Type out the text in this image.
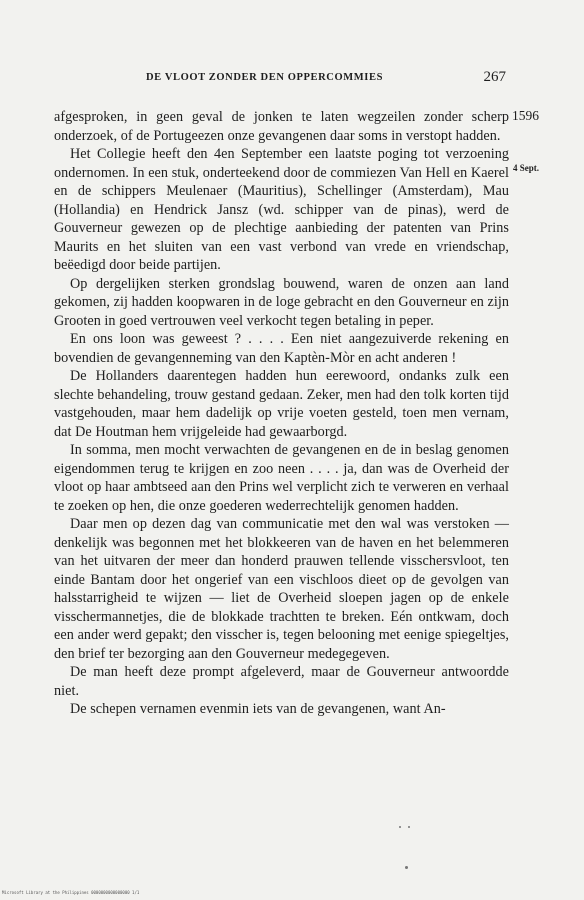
DE VLOOT ZONDER DEN OPPERCOMMIES	267
1596
4 Sept.

afgesproken, in geen geval de jonken te laten wegzeilen zonder scherp onderzoek, of de Portugeezen onze gevangenen daar soms in verstopt hadden.

Het Collegie heeft den 4en September een laatste poging tot verzoening ondernomen. In een stuk, onderteekend door de commiezen Van Hell en Kaerel en de schippers Meulenaer (Mauritius), Schellinger (Amsterdam), Mau (Hollandia) en Hendrick Jansz (wd. schipper van de pinas), werd de Gouverneur gewezen op de plechtige aanbieding der patenten van Prins Maurits en het sluiten van een vast verbond van vrede en vriendschap, beëedigd door beide partijen.

Op dergelijken sterken grondslag bouwend, waren de onzen aan land gekomen, zij hadden koopwaren in de loge gebracht en den Gouverneur en zijn Grooten in goed vertrouwen veel verkocht tegen betaling in peper.

En ons loon was geweest ? . . . . Een niet aangezuiverde rekening en bovendien de gevangenneming van den Kaptèn-Mòr en acht anderen !

De Hollanders daarentegen hadden hun eerewoord, ondanks zulk een slechte behandeling, trouw gestand gedaan. Zeker, men had den tolk korten tijd vastgehouden, maar hem dadelijk op vrije voeten gesteld, toen men vernam, dat De Houtman hem vrijgeleide had gewaarborgd.

In somma, men mocht verwachten de gevangenen en de in beslag genomen eigendommen terug te krijgen en zoo neen . . . . ja, dan was de Overheid der vloot op haar ambtseed aan den Prins wel verplicht zich te verweren en verhaal te zoeken op hen, die onze goederen wederrechtelijk genomen hadden.

Daar men op dezen dag van communicatie met den wal was verstoken — denkelijk was begonnen met het blokkeeren van de haven en het belemmeren van het uitvaren der meer dan honderd prauwen tellende visschersvloot, ten einde Bantam door het ongerief van een vischloos dieet op de gevolgen van halsstarrigheid te wijzen — liet de Overheid sloepen jagen op de enkele visschermannetjes, die de blokkade trachtten te breken. Eén ontkwam, doch een ander werd gepakt; den visscher is, tegen belooning met eenige spiegeltjes, den brief ter bezorging aan den Gouverneur medegegeven.

De man heeft deze prompt afgeleverd, maar de Gouverneur antwoordde niet.

De schepen vernamen evenmin iets van de gevangenen, want An-

Microsoft Library at the Philippines 0000000000000000 1/1
